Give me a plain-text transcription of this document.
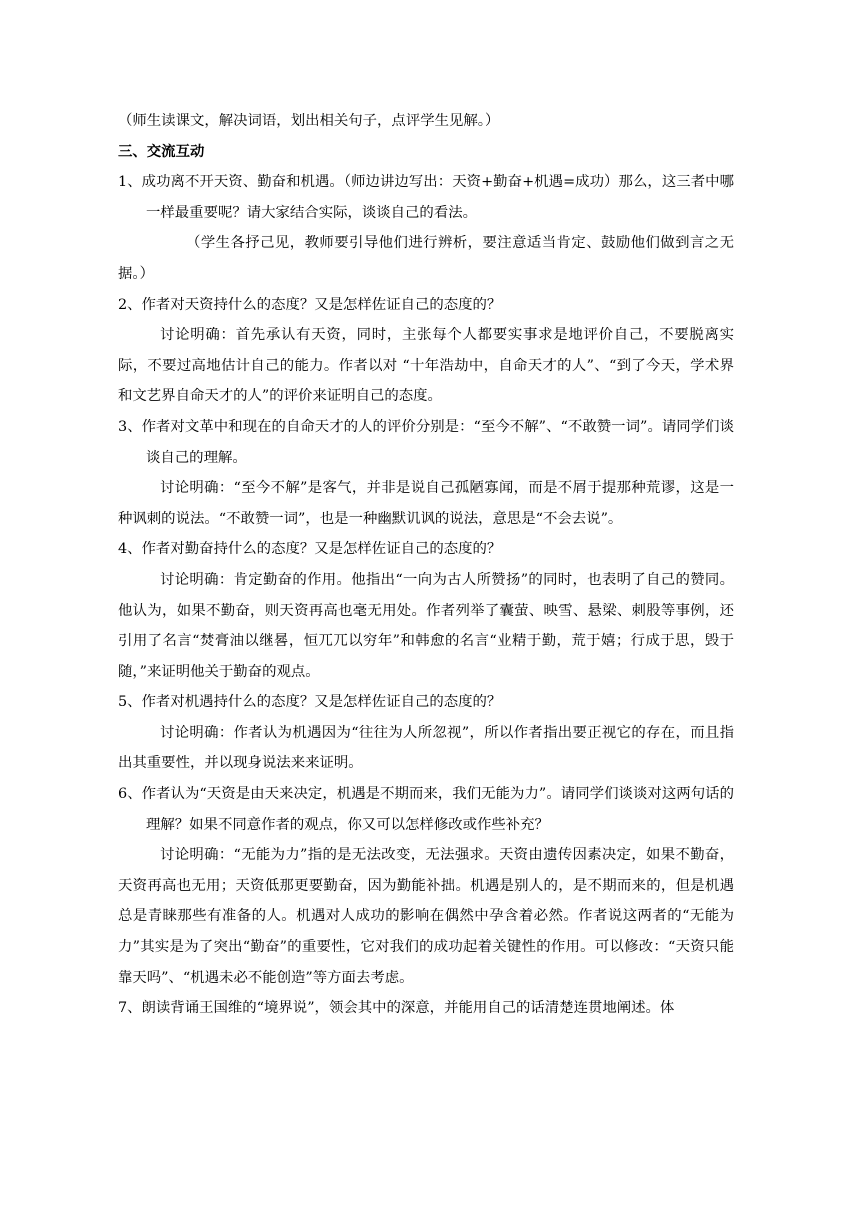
（师生读课文，解决词语，划出相关句子，点评学生见解。）

三、交流互动

1、成功离不开天资、勤奋和机遇。（师边讲边写出：天资+勤奋+机遇=成功）那么，这三者中哪一样最重要呢？请大家结合实际，谈谈自己的看法。

（学生各抒己见，教师要引导他们进行辨析，要注意适当肯定、鼓励他们做到言之无据。）

2、作者对天资持什么的态度？又是怎样佐证自己的态度的？

讨论明确：首先承认有天资，同时，主张每个人都要实事求是地评价自己，不要脱离实际，不要过高地估计自己的能力。作者以对 “十年浩劫中，自命天才的人”、“到了今天，学术界和文艺界自命天才的人”的评价来证明自己的态度。

3、作者对文革中和现在的自命天才的人的评价分别是：“至今不解”、“不敢赞一词”。请同学们谈谈自己的理解。

讨论明确：“至今不解”是客气，并非是说自己孤陋寡闻，而是不屑于提那种荒谬，这是一种讽刺的说法。“不敢赞一词”，也是一种幽默讥讽的说法，意思是“不会去说”。

4、作者对勤奋持什么的态度？又是怎样佐证自己的态度的？

讨论明确：肯定勤奋的作用。他指出“一向为古人所赞扬”的同时，也表明了自己的赞同。他认为，如果不勤奋，则天资再高也毫无用处。作者列举了囊萤、映雪、悬梁、刺股等事例，还引用了名言“焚膏油以继晷，恒兀兀以穷年”和韩愈的名言“业精于勤，荒于嬉；行成于思，毁于随，”来证明他关于勤奋的观点。

5、作者对机遇持什么的态度？又是怎样佐证自己的态度的？

讨论明确：作者认为机遇因为“往往为人所忽视”，所以作者指出要正视它的存在，而且指出其重要性，并以现身说法来来证明。

6、作者认为“天资是由天来决定，机遇是不期而来，我们无能为力”。请同学们谈谈对这两句话的理解？如果不同意作者的观点，你又可以怎样修改或作些补充？

讨论明确：“无能为力”指的是无法改变，无法强求。天资由遗传因素决定，如果不勤奋，天资再高也无用；天资低那更要勤奋，因为勤能补拙。机遇是别人的，是不期而来的，但是机遇总是青睐那些有准备的人。机遇对人成功的影响在偶然中孕含着必然。作者说这两者的“无能为力”其实是为了突出“勤奋”的重要性，它对我们的成功起着关键性的作用。可以修改：“天资只能靠天吗”、“机遇未必不能创造”等方面去考虑。

7、朗读背诵王国维的“境界说”，领会其中的深意，并能用自己的话清楚连贯地阐述。体
